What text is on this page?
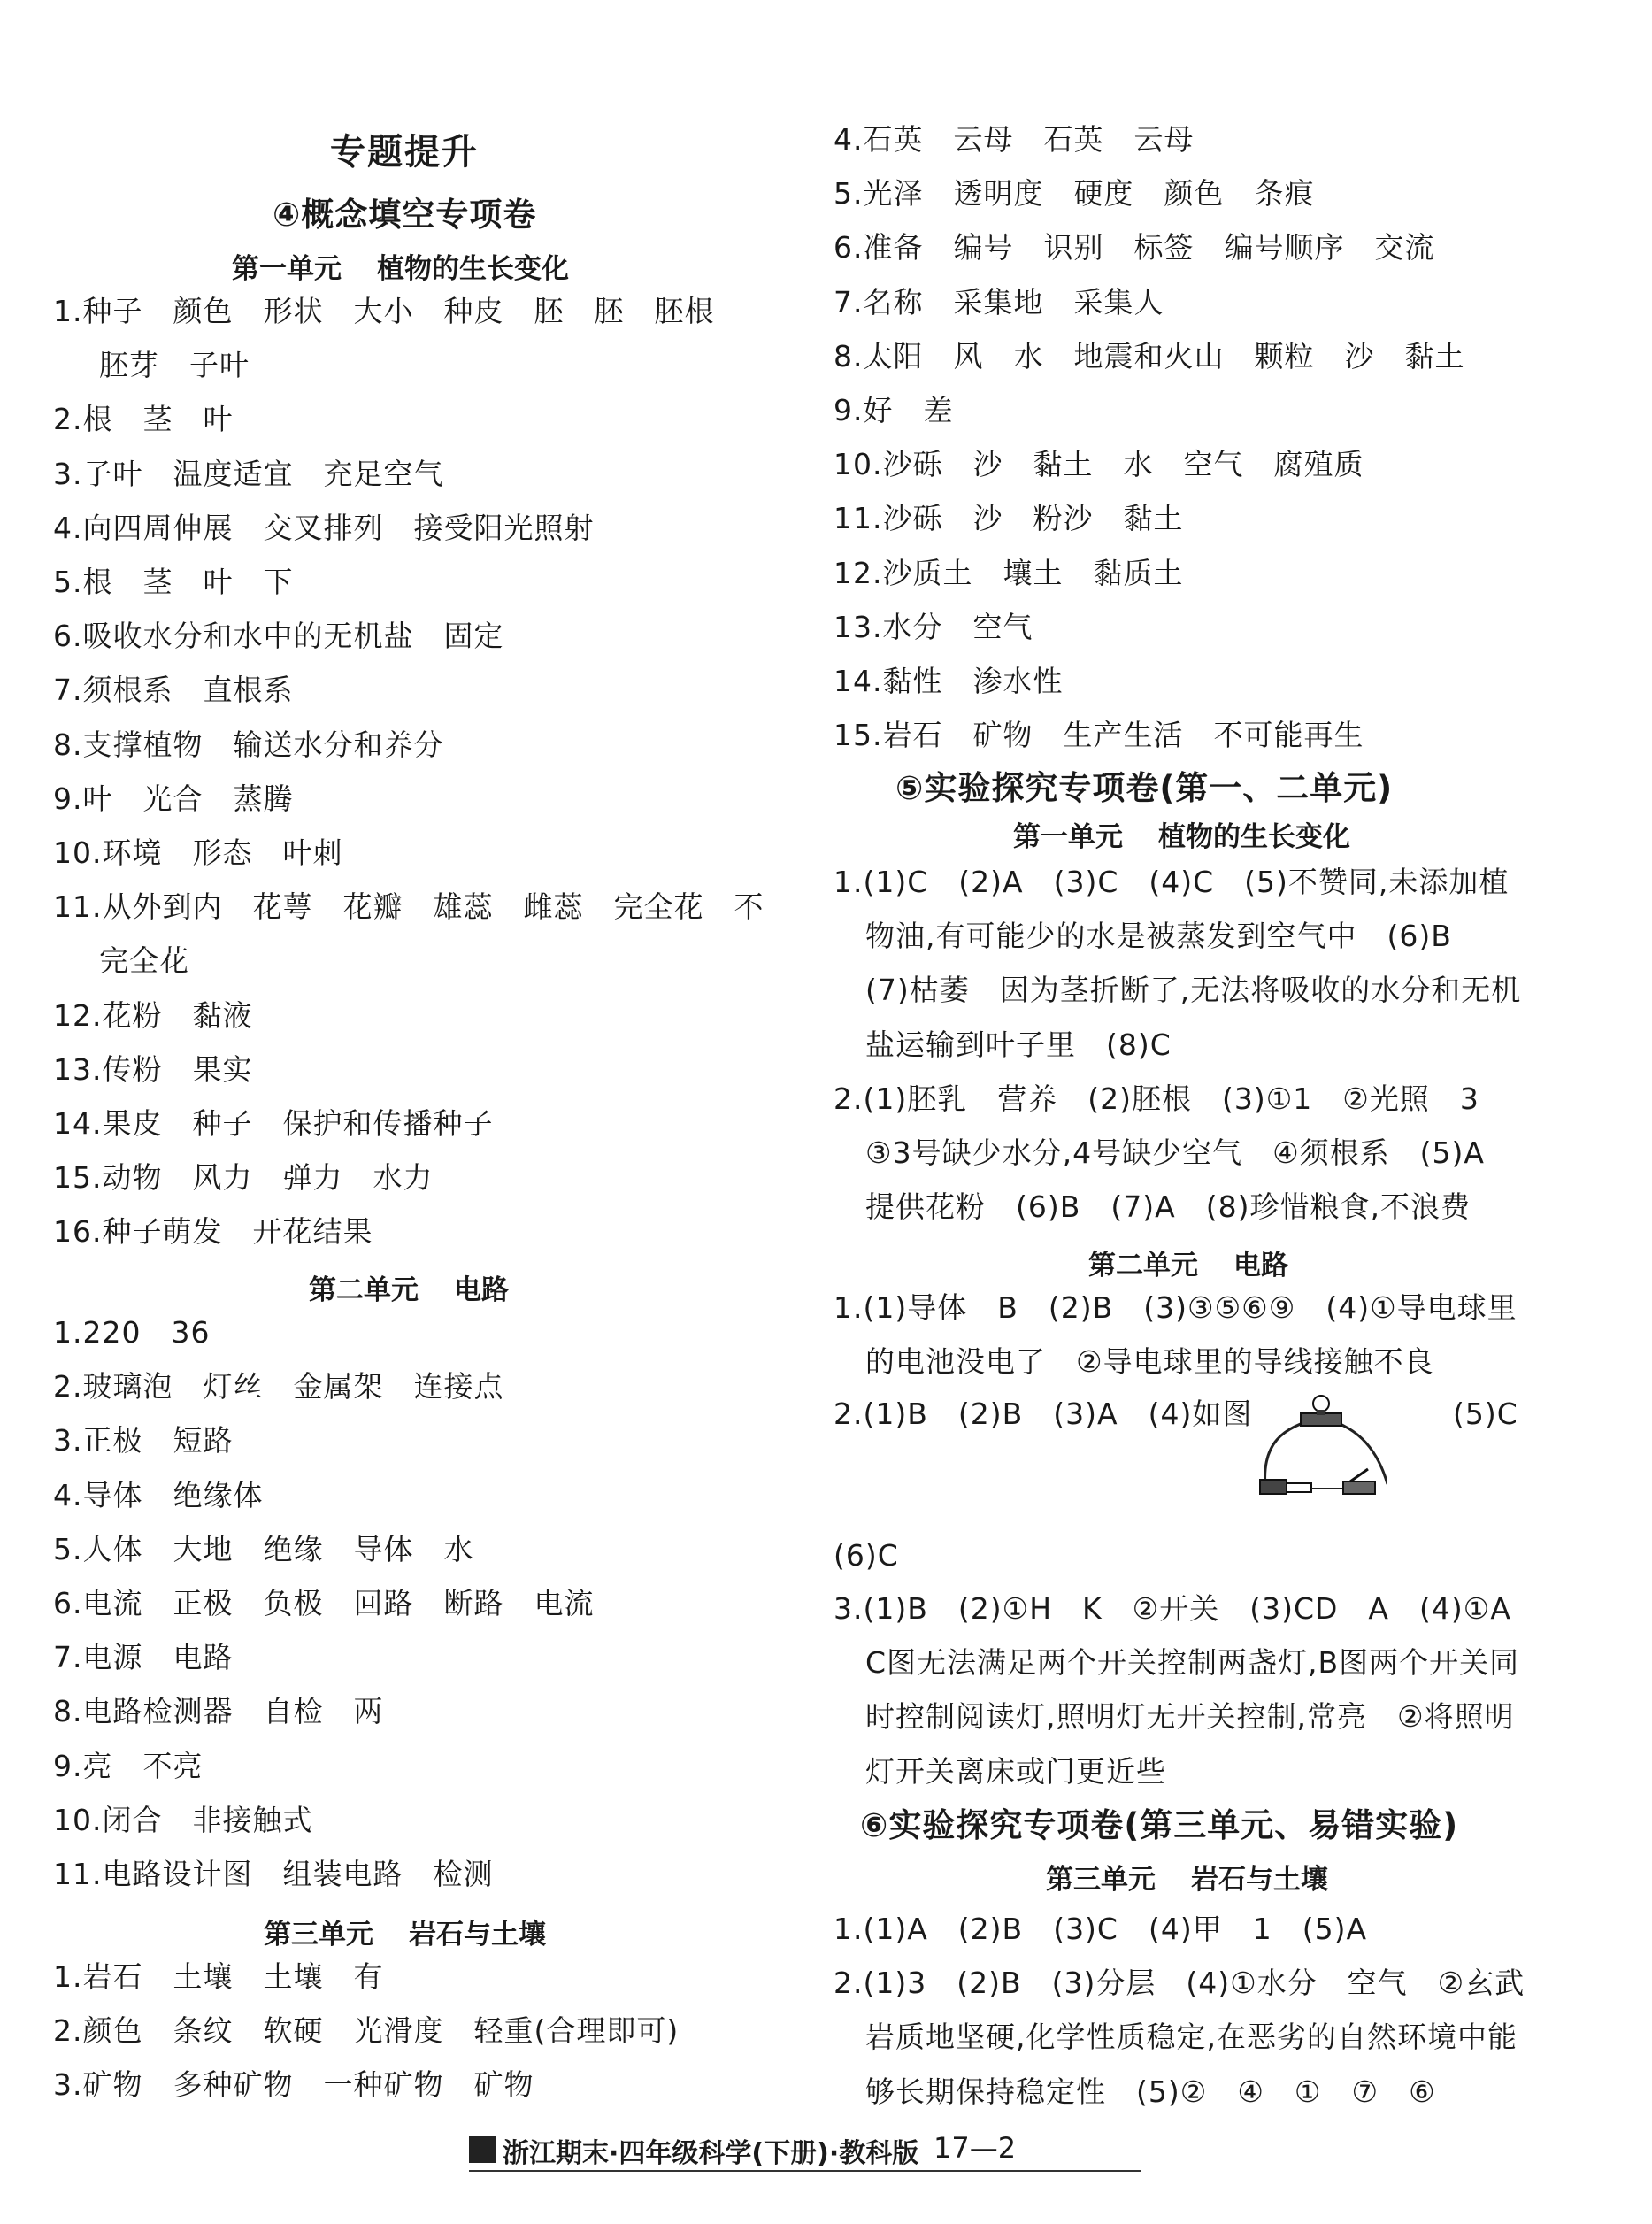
专题提升
④概念填空专项卷
第一单元 植物的生长变化
1.种子 颜色 形状 大小 种皮 胚 胚 胚根
胚芽 子叶
2.根 茎 叶
3.子叶 温度适宜 充足空气
4.向四周伸展 交叉排列 接受阳光照射
5.根 茎 叶 下
6.吸收水分和水中的无机盐 固定
7.须根系 直根系
8.支撑植物 输送水分和养分
9.叶 光合 蒸腾
10.环境 形态 叶刺
11.从外到内 花萼 花瓣 雄蕊 雌蕊 完全花 不
完全花
12.花粉 黏液
13.传粉 果实
14.果皮 种子 保护和传播种子
15.动物 风力 弹力 水力
16.种子萌发 开花结果
第二单元 电路
1.220 36
2.玻璃泡 灯丝 金属架 连接点
3.正极 短路
4.导体 绝缘体
5.人体 大地 绝缘 导体 水
6.电流 正极 负极 回路 断路 电流
7.电源 电路
8.电路检测器 自检 两
9.亮 不亮
10.闭合 非接触式
11.电路设计图 组装电路 检测
第三单元 岩石与土壤
1.岩石 土壤 土壤 有
2.颜色 条纹 软硬 光滑度 轻重(合理即可)
3.矿物 多种矿物 一种矿物 矿物
4.石英 云母 石英 云母
5.光泽 透明度 硬度 颜色 条痕
6.准备 编号 识别 标签 编号顺序 交流
7.名称 采集地 采集人
8.太阳 风 水 地震和火山 颗粒 沙 黏土
9.好 差
10.沙砾 沙 黏土 水 空气 腐殖质
11.沙砾 沙 粉沙 黏土
12.沙质土 壤土 黏质土
13.水分 空气
14.黏性 渗水性
15.岩石 矿物 生产生活 不可能再生
⑤实验探究专项卷(第一、二单元)
第一单元 植物的生长变化
1.(1)C　(2)A　(3)C　(4)C　(5)不赞同,未添加植
物油,有可能少的水是被蒸发到空气中　(6)B
(7)枯萎　因为茎折断了,无法将吸收的水分和无机
盐运输到叶子里　(8)C
2.(1)胚乳　营养　(2)胚根　(3)①1　②光照　3
③3号缺少水分,4号缺少空气　④须根系　(5)A
提供花粉　(6)B　(7)A　(8)珍惜粮食,不浪费
第二单元 电路
1.(1)导体　B　(2)B　(3)③⑤⑥⑨　(4)①导电球里
的电池没电了　②导电球里的导线接触不良
2.(1)B　(2)B　(3)A　(4)如图	(5)C
(6)C
3.(1)B　(2)①H　K　②开关　(3)CD　A　(4)①A
C图无法满足两个开关控制两盏灯,B图两个开关同
时控制阅读灯,照明灯无开关控制,常亮　②将照明
灯开关离床或门更近些
⑥实验探究专项卷(第三单元、易错实验)
第三单元 岩石与土壤
1.(1)A　(2)B　(3)C　(4)甲　1　(5)A
2.(1)3　(2)B　(3)分层　(4)①水分　空气　②玄武
岩质地坚硬,化学性质稳定,在恶劣的自然环境中能
够长期保持稳定性　(5)②　④　①　⑦　⑥
浙江期末·四年级科学(下册)·教科版 17—2
